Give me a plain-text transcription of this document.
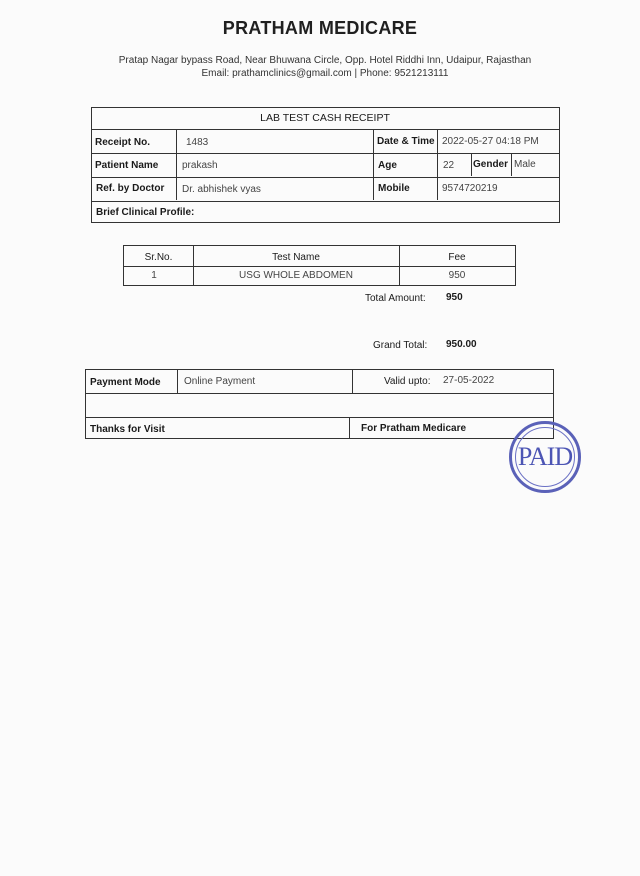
PRATHAM MEDICARE
Pratap Nagar bypass Road, Near Bhuwana Circle, Opp. Hotel Riddhi Inn, Udaipur, Rajasthan
Email: prathamclinics@gmail.com | Phone: 9521213111
LAB TEST CASH RECEIPT
Receipt No.	1483	Date & Time 2022-05-27 04:18 PM
Patient Name prakash	Age	22 Gender Male
Ref. by Doctor Dr. abhishek vyas	Mobile	9574720219
Brief Clinical Profile:
Sr.No.	Test Name	Fee
1	USG WHOLE ABDOMEN	950
Total Amount: 950
Grand Total: 950.00
Payment Mode Online Payment	Valid upto: 27-05-2022
Thanks for Visit	For Pratham Medicare
PAID
